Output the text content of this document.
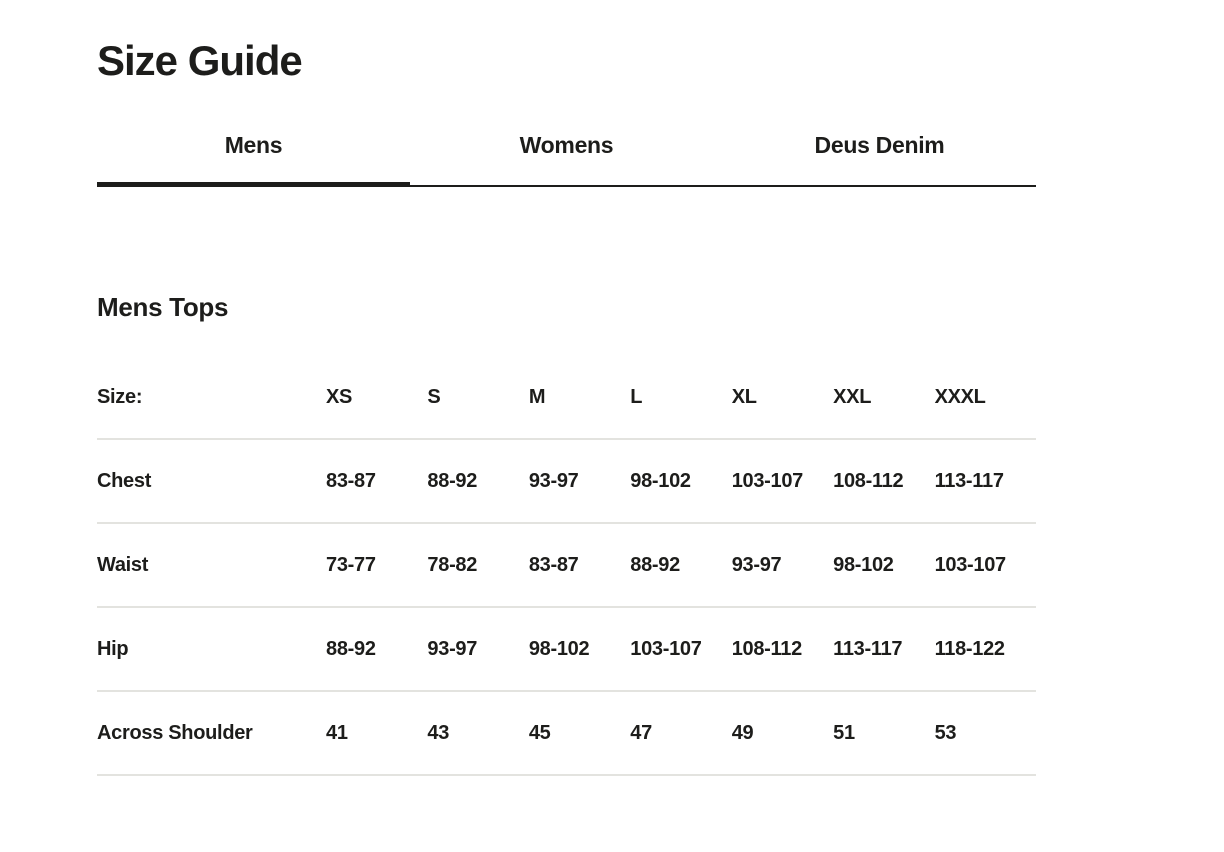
Size Guide
Mens	Womens	Deus Denim
Mens Tops
Size:	XS	S	M	L	XL	XXL	XXXL
Chest	83-87	88-92	93-97	98-102	103-107	108-112	113-117
Waist	73-77	78-82	83-87	88-92	93-97	98-102	103-107
Hip	88-92	93-97	98-102	103-107	108-112	113-117	118-122
Across Shoulder	41	43	45	47	49	51	53
